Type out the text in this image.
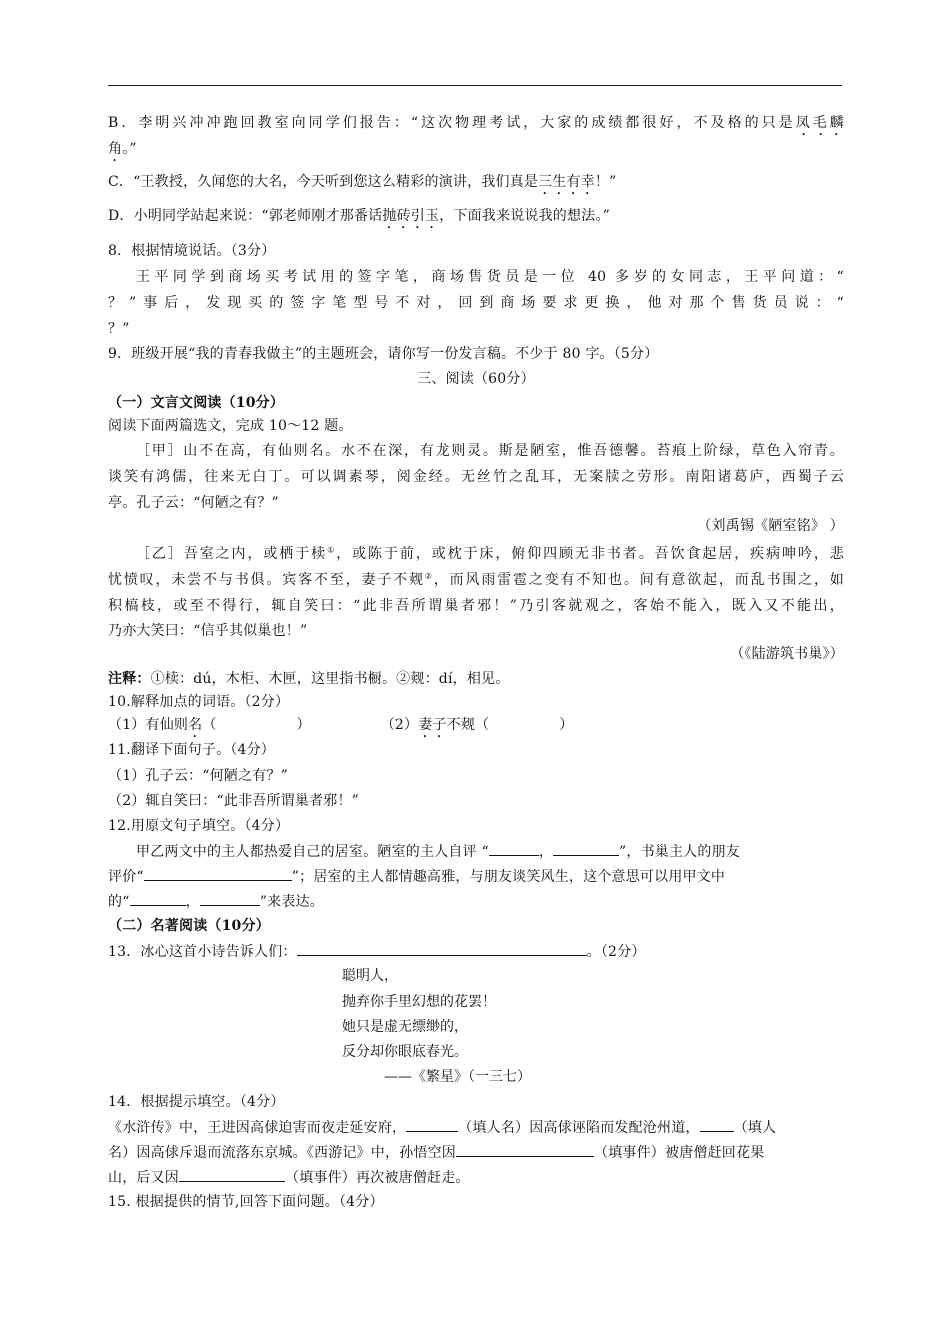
B．李明兴冲冲跑回教室向同学们报告：“这次物理考试，大家的成绩都很好，不及格的只是凤毛麟
角。”
C．“王教授，久闻您的大名，今天听到您这么精彩的演讲，我们真是三生有幸！”
D．小明同学站起来说：“郭老师刚才那番话抛砖引玉，下面我来说说我的想法。”
8．根据情境说话。（3分）
王平同学到商场买考试用的签字笔，商场售货员是一位 40 多岁的女同志，王平问道：“
？”事后，发现买的签字笔型号不对，回到商场要求更换，他对那个售货员说：“
？”
9．班级开展“我的青春我做主”的主题班会，请你写一份发言稿。不少于 80 字。（5分）
三、阅读（60分）
（一）文言文阅读（10分）
阅读下面两篇选文，完成 10～12 题。
［甲］山不在高，有仙则名。水不在深，有龙则灵。斯是陋室，惟吾德馨。苔痕上阶绿，草色入帘青。
谈笑有鸿儒，往来无白丁。可以调素琴，阅金经。无丝竹之乱耳，无案牍之劳形。南阳诸葛庐，西蜀子云
亭。孔子云：“何陋之有？”
（刘禹锡《陋室铭》 ）
［乙］吾室之内，或栖于椟①，或陈于前，或枕于床，俯仰四顾无非书者。吾饮食起居，疾病呻吟，悲
忧愤叹，未尝不与书俱。宾客不至，妻子不觌②，而风雨雷雹之变有不知也。间有意欲起，而乱书围之，如
积槁枝，或至不得行，辄自笑曰：“此非吾所谓巢者邪！”乃引客就观之，客始不能入，既入又不能出，
乃亦大笑曰：“信乎其似巢也！”
（《陆游筑书巢》）
注释：①椟：dú，木柜、木匣，这里指书橱。②觌：dí，相见。
10.解释加点的词语。（2分）
（1）有仙则名（	）	（2）妻子不觌（	）
11.翻译下面句子。（4分）
（1）孔子云：“何陋之有？”
（2）辄自笑曰：“此非吾所谓巢者邪！”
12.用原文句子填空。（4分）
甲乙两文中的主人都热爱自己的居室。陋室的主人自评 “	，	”，书巢主人的朋友
评价“	”；居室的主人都情趣高雅，与朋友谈笑风生，这个意思可以用甲文中
的“	，	”来表达。
（二）名著阅读（10分）
13．冰心这首小诗告诉人们：	。（2分）
聪明人，
抛弃你手里幻想的花罢！
她只是虚无缥缈的，
反分却你眼底春光。
——《繁星》（一三七）
14．根据提示填空。（4分）
《水浒传》中，王进因高俅迫害而夜走延安府，	（填人名）因高俅诬陷而发配沧州道， （填人
名）因高俅斥退而流落东京城。《西游记》中，孙悟空因	（填事件）被唐僧赶回花果
山，后又因	（填事件）再次被唐僧赶走。
15. 根据提供的情节,回答下面问题。（4分）
